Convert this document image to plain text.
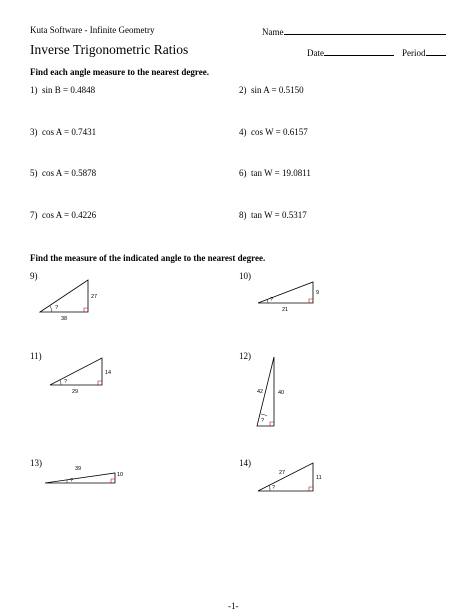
Kuta Software - Infinite Geometry	Name
Inverse Trigonometric Ratios	Date	Period
Find each angle measure to the nearest degree.
1) sin B = 0.4848	2) sin A = 0.5150
3) cos A = 0.7431	4) cos W = 0.6157
5) cos A = 0.5878	6) tan W = 19.0811
7) cos A = 0.4226	8) tan W = 0.5317
Find the measure of the indicated angle to the nearest degree.
9)
?
27
38
10)
?
9
21
11)
?
14
29
12)
?
42	40
13)
?
39
10
14)
?
27
11
-1-
